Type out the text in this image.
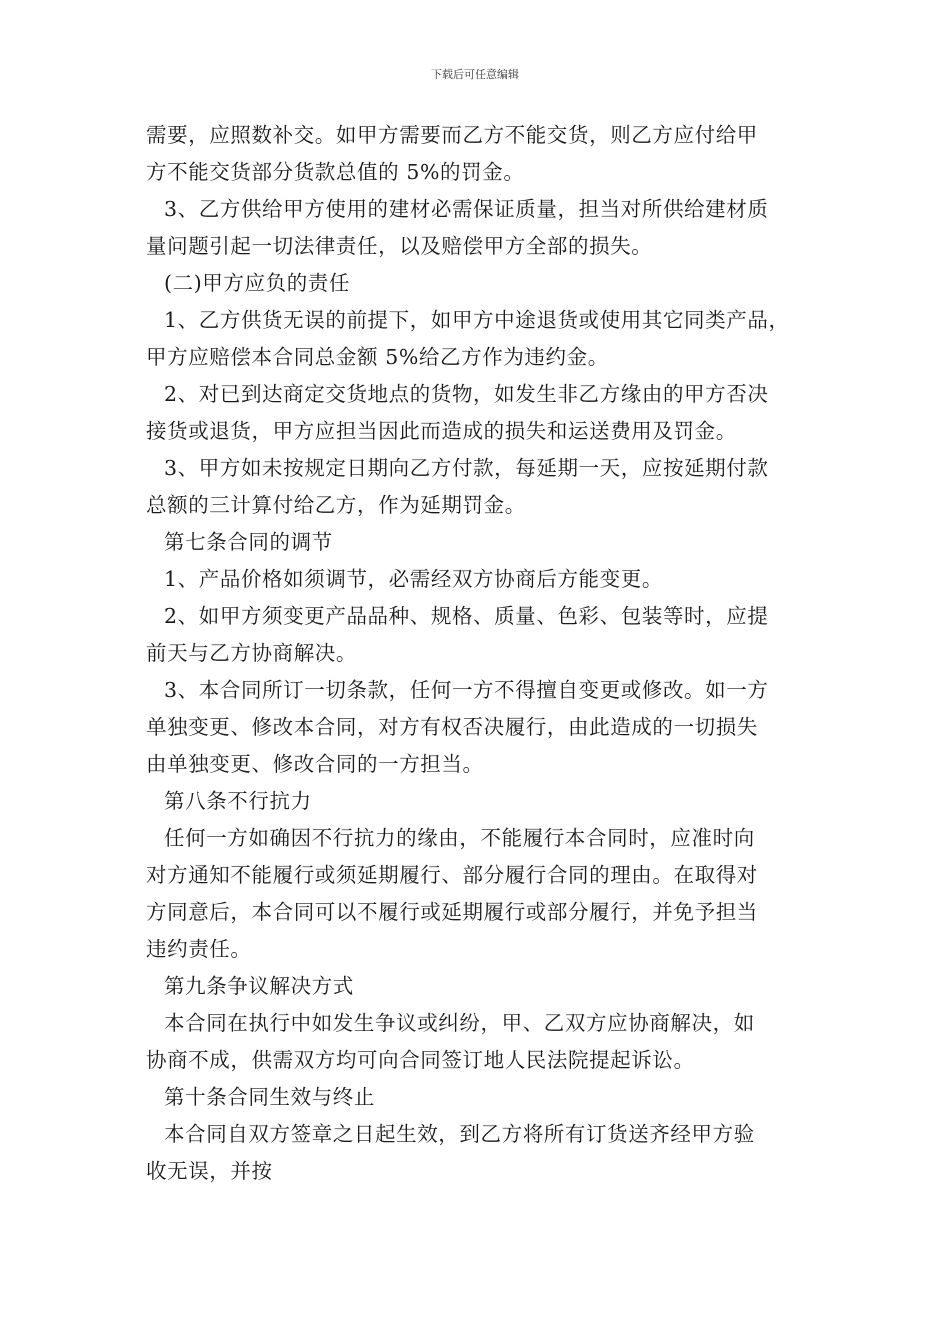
下载后可任意编辑
需要，应照数补交。如甲方需要而乙方不能交货，则乙方应付给甲
方不能交货部分货款总值的 5%的罚金。
3、乙方供给甲方使用的建材必需保证质量，担当对所供给建材质
量问题引起一切法律责任，以及赔偿甲方全部的损失。
(二)甲方应负的责任
1、乙方供货无误的前提下，如甲方中途退货或使用其它同类产品，
甲方应赔偿本合同总金额 5%给乙方作为违约金。
2、对已到达商定交货地点的货物，如发生非乙方缘由的甲方否决
接货或退货，甲方应担当因此而造成的损失和运送费用及罚金。
3、甲方如未按规定日期向乙方付款，每延期一天，应按延期付款
总额的三计算付给乙方，作为延期罚金。
第七条合同的调节
1、产品价格如须调节，必需经双方协商后方能变更。
2、如甲方须变更产品品种、规格、质量、色彩、包装等时，应提
前天与乙方协商解决。
3、本合同所订一切条款，任何一方不得擅自变更或修改。如一方
单独变更、修改本合同，对方有权否决履行，由此造成的一切损失
由单独变更、修改合同的一方担当。
第八条不行抗力
任何一方如确因不行抗力的缘由，不能履行本合同时，应准时向
对方通知不能履行或须延期履行、部分履行合同的理由。在取得对
方同意后，本合同可以不履行或延期履行或部分履行，并免予担当
违约责任。
第九条争议解决方式
本合同在执行中如发生争议或纠纷，甲、乙双方应协商解决，如
协商不成，供需双方均可向合同签订地人民法院提起诉讼。
第十条合同生效与终止
本合同自双方签章之日起生效，到乙方将所有订货送齐经甲方验
收无误，并按
